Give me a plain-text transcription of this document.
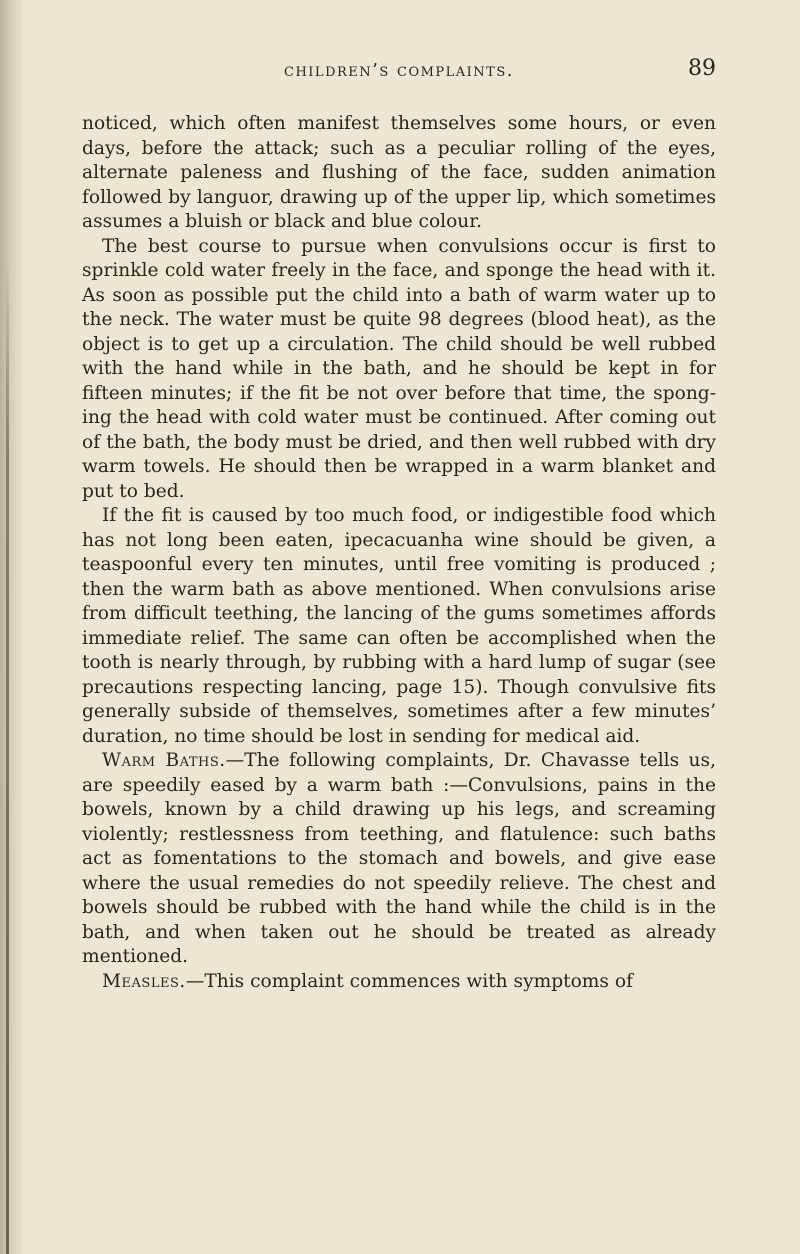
children’s complaints.	89

noticed, which often manifest themselves some hours, or even days, before the attack; such as a peculiar rolling of the eyes, alternate paleness and flushing of the face, sudden animation followed by languor, drawing up of the upper lip, which sometimes assumes a bluish or black and blue colour.

The best course to pursue when convulsions occur is first to sprinkle cold water freely in the face, and sponge the head with it. As soon as possible put the child into a bath of warm water up to the neck. The water must be quite 98 degrees (blood heat), as the object is to get up a circulation. The child should be well rubbed with the hand while in the bath, and he should be kept in for fifteen minutes; if the fit be not over before that time, the sponging the head with cold water must be continued. After coming out of the bath, the body must be dried, and then well rubbed with dry warm towels. He should then be wrapped in a warm blanket and put to bed.

If the fit is caused by too much food, or indigestible food which has not long been eaten, ipecacuanha wine should be given, a teaspoonful every ten minutes, until free vomiting is produced ; then the warm bath as above mentioned. When convulsions arise from difficult teething, the lancing of the gums sometimes affords immediate relief. The same can often be accomplished when the tooth is nearly through, by rubbing with a hard lump of sugar (see precautions respecting lancing, page 15). Though convulsive fits generally subside of themselves, sometimes after a few minutes’ duration, no time should be lost in sending for medical aid.

Warm Baths.—The following complaints, Dr. Chavasse tells us, are speedily eased by a warm bath :—Convulsions, pains in the bowels, known by a child drawing up his legs, and screaming violently; restlessness from teething, and flatulence: such baths act as fomentations to the stomach and bowels, and give ease where the usual remedies do not speedily relieve. The chest and bowels should be rubbed with the hand while the child is in the bath, and when taken out he should be treated as already mentioned.

Measles.—This complaint commences with symptoms of
